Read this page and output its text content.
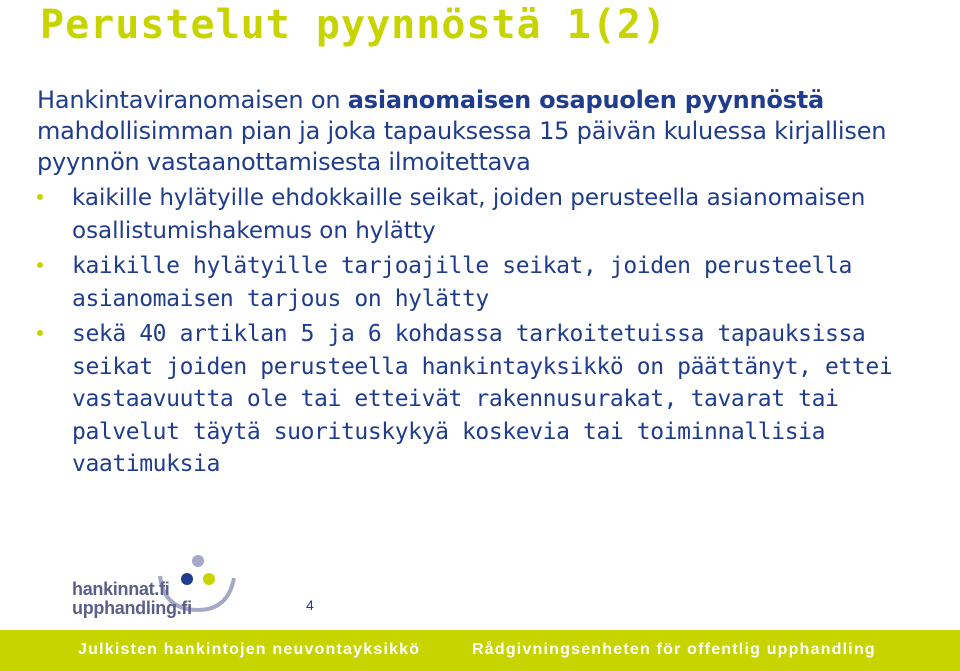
Perustelut pyynnöstä 1(2)

Hankintaviranomaisen on asianomaisen osapuolen pyynnöstä mahdollisimman pian ja joka tapauksessa 15 päivän kuluessa kirjallisen pyynnön vastaanottamisesta ilmoitettava

kaikille hylätyille ehdokkaille seikat, joiden perusteella asianomaisen osallistumishakemus on hylätty
kaikille hylätyille tarjoajille seikat, joiden perusteella asianomaisen tarjous on hylätty
sekä 40 artiklan 5 ja 6 kohdassa tarkoitetuissa tapauksissa seikat joiden perusteella hankintayksikkö on päättänyt, ettei vastaavuutta ole tai etteivät rakennusurakat, tavarat tai palvelut täytä suorituskykyä koskevia tai toiminnallisia vaatimuksia
hankinnat.fi
upphandling.fi	4
Julkisten hankintojen neuvontayksikkö	Rådgivningsenheten för offentlig upphandling
